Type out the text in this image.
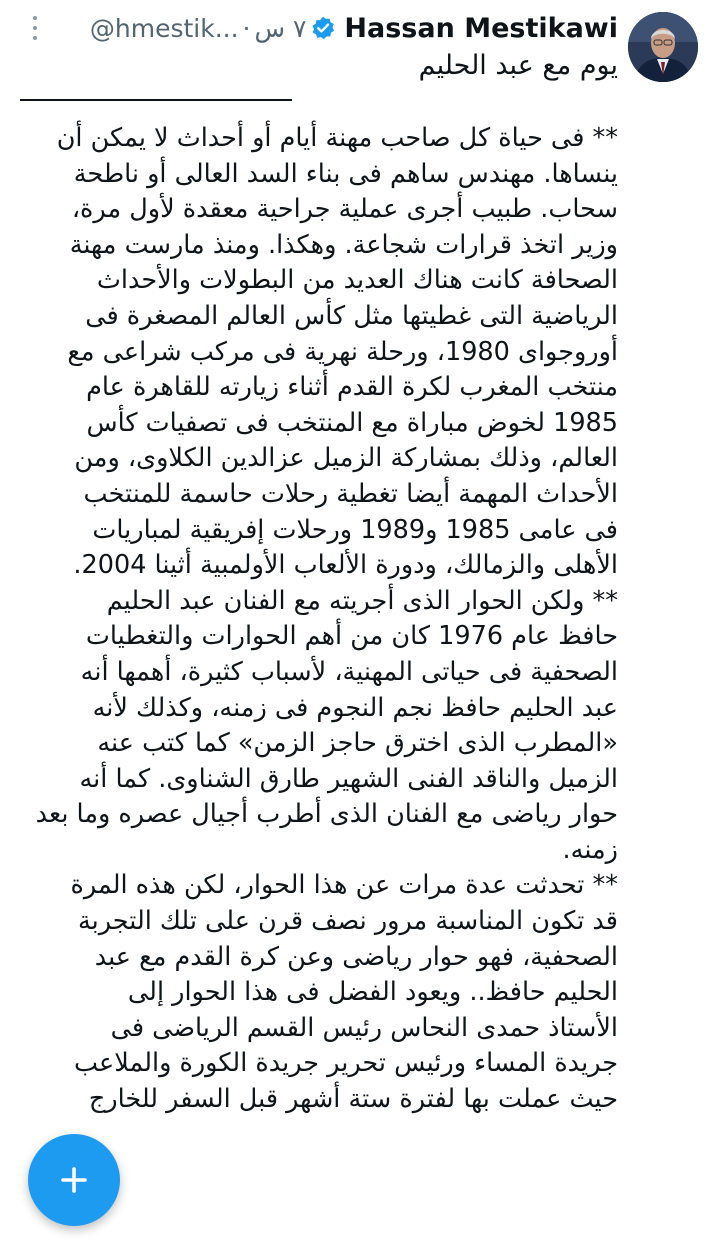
Hassan Mestikawi
@hmestik... · ٧ س
يوم مع عبد الحليم

** فى حياة كل صاحب مهنة أيام أو أحداث لا يمكن أن

ينساها. مهندس ساهم فى بناء السد العالى أو ناطحة

سحاب. طبيب أجرى عملية جراحية معقدة لأول مرة،

وزير اتخذ قرارات شجاعة. وهكذا. ومنذ مارست مهنة

الصحافة كانت هناك العديد من البطولات والأحداث

الرياضية التى غطيتها مثل كأس العالم المصغرة فى

أوروجواى 1980، ورحلة نهرية فى مركب شراعى مع

منتخب المغرب لكرة القدم أثناء زيارته للقاهرة عام

1985 لخوض مباراة مع المنتخب فى تصفيات كأس

العالم، وذلك بمشاركة الزميل عزالدين الكلاوى، ومن

الأحداث المهمة أيضا تغطية رحلات حاسمة للمنتخب

فى عامى 1985 و1989 ورحلات إفريقية لمباريات

الأهلى والزمالك، ودورة الألعاب الأولمبية أثينا 2004.

** ولكن الحوار الذى أجريته مع الفنان عبد الحليم

حافظ عام 1976 كان من أهم الحوارات والتغطيات

الصحفية فى حياتى المهنية، لأسباب كثيرة، أهمها أنه

عبد الحليم حافظ نجم النجوم فى زمنه، وكذلك لأنه

«المطرب الذى اخترق حاجز الزمن» كما كتب عنه

الزميل والناقد الفنى الشهير طارق الشناوى. كما أنه

حوار رياضى مع الفنان الذى أطرب أجيال عصره وما بعد

زمنه.

** تحدثت عدة مرات عن هذا الحوار، لكن هذه المرة

قد تكون المناسبة مرور نصف قرن على تلك التجربة

الصحفية، فهو حوار رياضى وعن كرة القدم مع عبد

الحليم حافظ.. ويعود الفضل فى هذا الحوار إلى

الأستاذ حمدى النحاس رئيس القسم الرياضى فى

جريدة المساء ورئيس تحرير جريدة الكورة والملاعب

حيث عملت بها لفترة ستة أشهر قبل السفر للخارج
